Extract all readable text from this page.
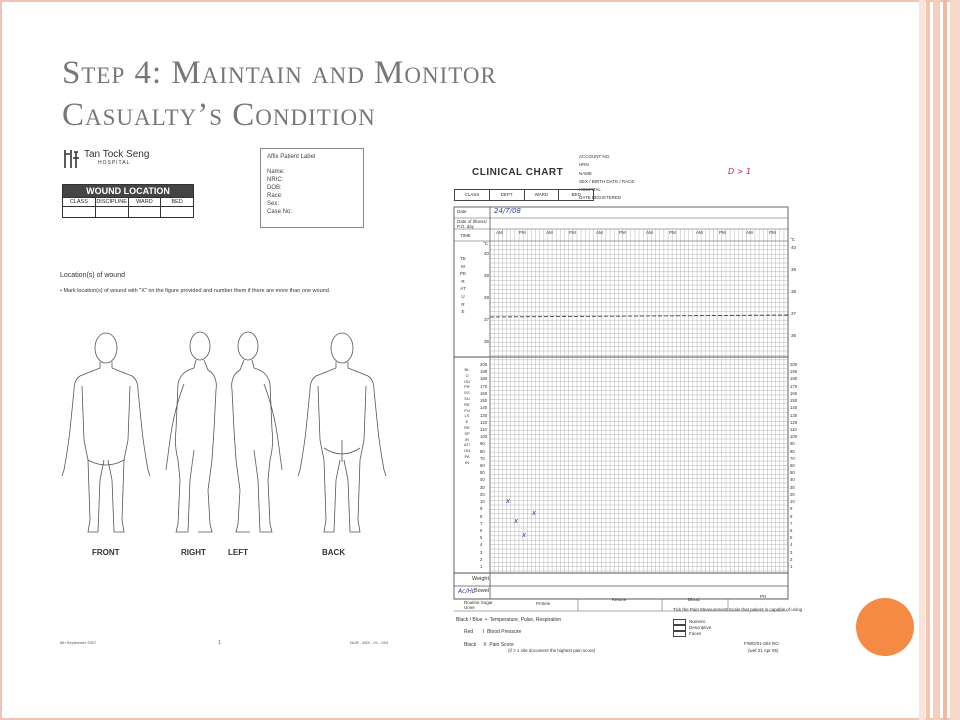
Step 4: Maintain and Monitor
Casualty’s Condition
Tan Tock Seng
HOSPITAL
Affix Patient Label
Name:
NRIC:
DOB:
Race:
Sex:
Case No:
WOUND LOCATION
CLASS	DISCIPLINE	WARD	BED
Location(s) of wound
• Mark location(s) of wound with "X" on the figure provided and number them if there are more than one wound.
FRONT	RIGHT	LEFT	BACK
8th September 2007	1	NUR - WDI - 01 - 004
CLINICAL CHART
ACCOUNT NO.
HRN
NAME
SEX / BIRTH DATE / RACE
HOSPITAL
DATE REGISTERED
D > 1
CLASS	DEPT	WARD	BED
Date	24/7/08
Date of Illness/ P.O. day
TIME
AM	PM	AM	PM	AM	PM	AM	PM	AM	PM	AM	PM
°C
°C
40
39
38
37
36
40
39
38
37
36
TEMPERATURE
BLOOD PRESSURE PULSE RESPIRATION PAIN
200
190
180
170
160
150
140
130
120
110
100
90
80
70
60
50
40
30
20
10
9
8
7
6
5
4
3
2
1
200
190
180
170
160
150
140
130
120
110
100
90
80
70
60
50
40
30
20
10
9
8
7
6
5
4
3
2
1
x
x
x
x
Weight
Bowel
Ac/HL
Routine Sugar Urine
Protein
Ketone	Blood
PH
Black / Blue • Temperature, Pulse, Respiration
Red I Blood Pressure
Black X Pain Score
(if > 1 site document the highest pain score)
Tick the Pain Measurement Scale that patient is capable of using
Numeric
Descriptive
Faces
F/WD/01-004 RO
(wef 21 Apr 05)
